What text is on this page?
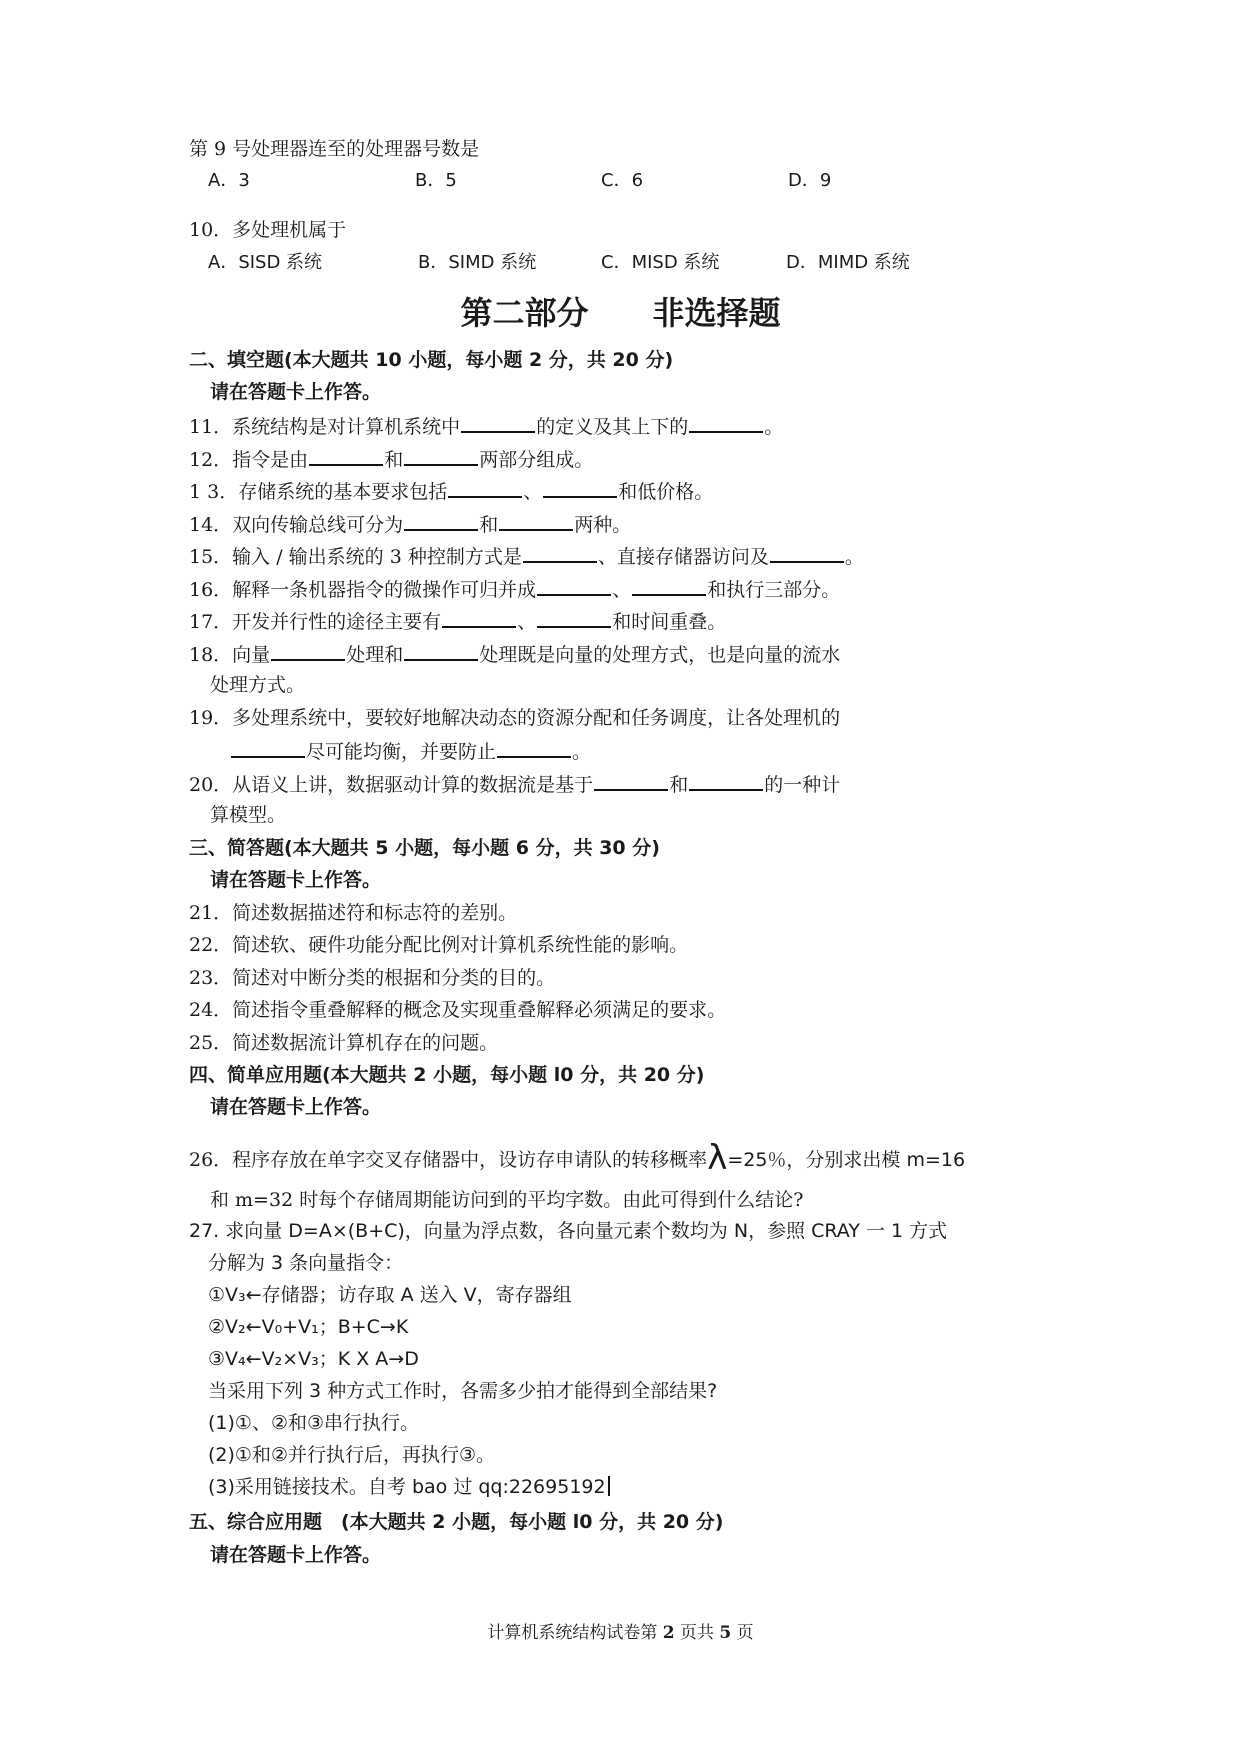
第 9 号处理器连至的处理器号数是
A．3	B．5	C．6	D．9
10．多处理机属于
A．SISD 系统	B．SIMD 系统	C．MISD 系统	D．MIMD 系统
第二部分 非选择题
二、填空题(本大题共 10 小题，每小题 2 分，共 20 分)
请在答题卡上作答。
11．系统结构是对计算机系统中	的定义及其上下的	。
12．指令是由	和	两部分组成。
1 3．存储系统的基本要求包括	、	和低价格。
14．双向传输总线可分为	和	两种。
15．输入 / 输出系统的 3 种控制方式是	、直接存储器访问及	。
16．解释一条机器指令的微操作可归并成	、	和执行三部分。
17．开发并行性的途径主要有	、	和时间重叠。
18．向量	处理和	处理既是向量的处理方式，也是向量的流水
处理方式。
19．多处理系统中，要较好地解决动态的资源分配和任务调度，让各处理机的
尽可能均衡，并要防止	。
20．从语义上讲，数据驱动计算的数据流是基于	和	的一种计
算模型。
三、简答题(本大题共 5 小题，每小题 6 分，共 30 分)
请在答题卡上作答。
21．简述数据描述符和标志符的差别。
22．简述软、硬件功能分配比例对计算机系统性能的影响。
23．简述对中断分类的根据和分类的目的。
24．简述指令重叠解释的概念及实现重叠解释必须满足的要求。
25．简述数据流计算机存在的问题。
四、简单应用题(本大题共 2 小题，每小题 l0 分，共 20 分)
请在答题卡上作答。
26．程序存放在单字交叉存储器中，设访存申请队的转移概率λ=25％，分别求出模 m=16
和 m=32 时每个存储周期能访问到的平均字数。由此可得到什么结论?
27. 求向量 D=A×(B+C)，向量为浮点数，各向量元素个数均为 N，参照 CRAY 一 1 方式
分解为 3 条向量指令：
①V₃←存储器；访存取 A 送入 V，寄存器组
②V₂←V₀+V₁；B+C→K
③V₄←V₂×V₃；K X A→D
当采用下列 3 种方式工作时，各需多少拍才能得到全部结果?
(1)①、②和③串行执行。
(2)①和②并行执行后，再执行③。
(3)采用链接技术。自考 bao 过 qq:22695192
五、综合应用题　(本大题共 2 小题，每小题 l0 分，共 20 分)
请在答题卡上作答。
计算机系统结构试卷第 2 页共 5 页
